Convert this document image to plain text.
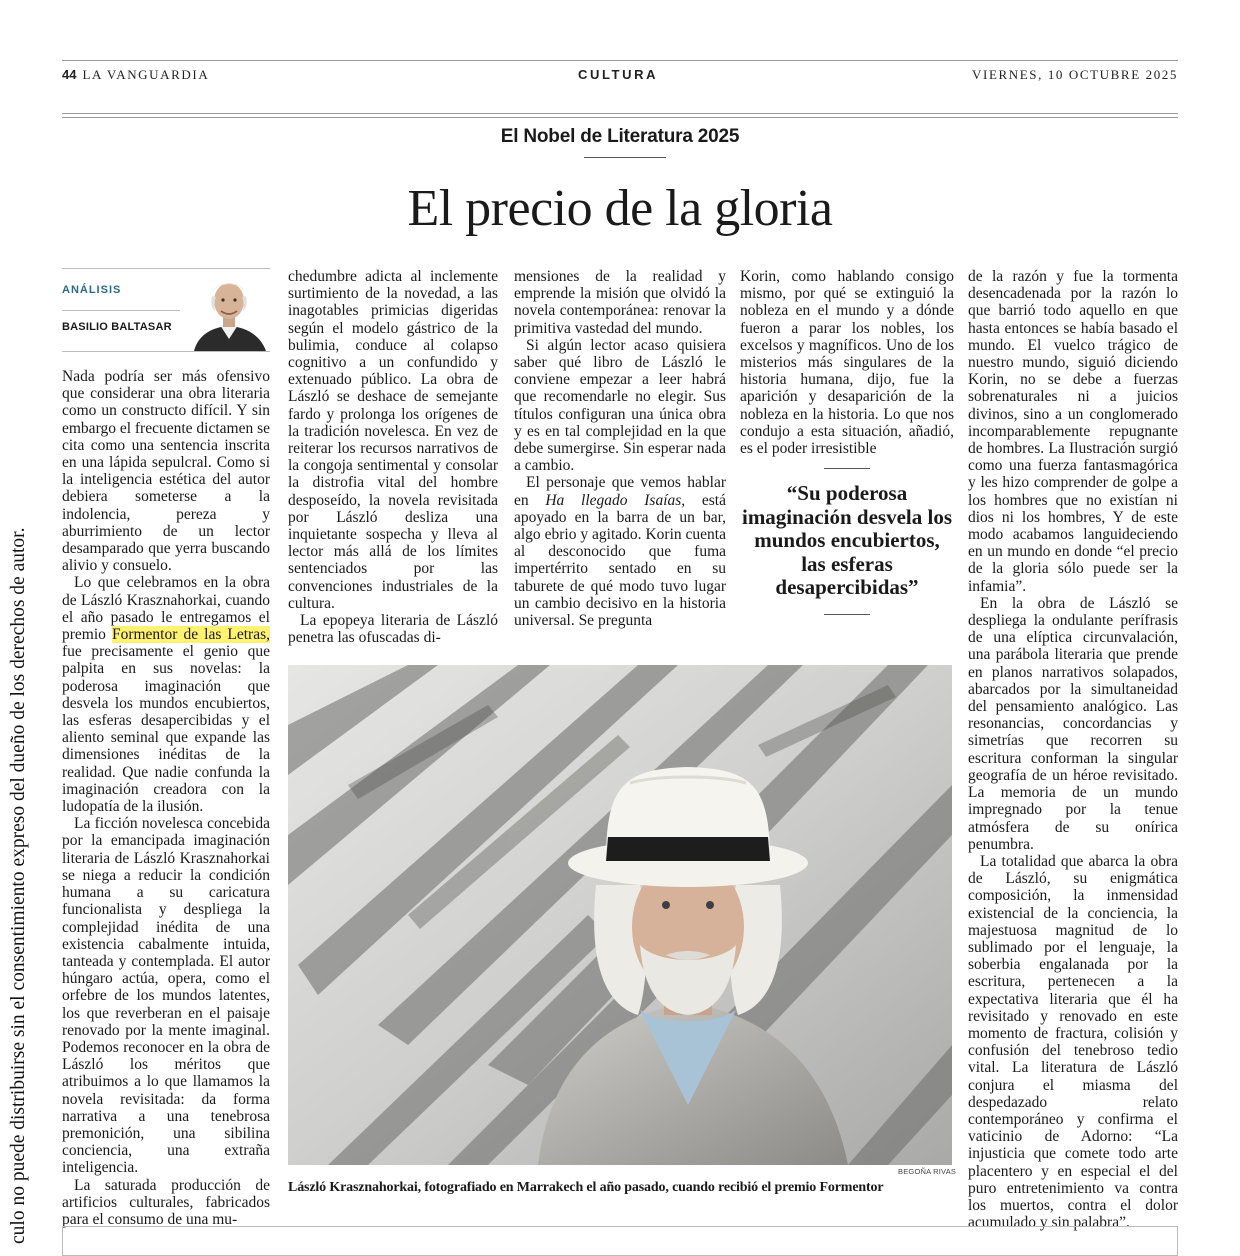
culo no puede distribuirse sin el consentimiento expreso del dueño de los derechos de autor.
44 LA VANGUARDIA	CULTURA	VIERNES, 10 OCTUBRE 2025
El Nobel de Literatura 2025
El precio de la gloria
ANÁLISIS
BASILIO BALTASAR

Nada podría ser más ofensivo que considerar una obra literaria como un constructo difícil. Y sin embargo el frecuente dictamen se cita como una sentencia inscrita en una lápida sepulcral. Como si la inteligencia estética del autor debiera someterse a la indolencia, pereza y aburrimiento de un lector desamparado que yerra buscando alivio y consuelo.

Lo que celebramos en la obra de László Krasznahorkai, cuando el año pasado le entregamos el premio Formentor de las Letras, fue precisamente el genio que palpita en sus novelas: la poderosa imaginación que desvela los mundos encubiertos, las esferas desapercibidas y el aliento seminal que expande las dimensiones inéditas de la realidad. Que nadie confunda la imaginación creadora con la ludopatía de la ilusión.

La ficción novelesca concebida por la emancipada imaginación literaria de László Krasznahorkai se niega a reducir la condición humana a su caricatura funcionalista y despliega la complejidad inédita de una existencia cabalmente intuida, tanteada y contemplada. El autor húngaro actúa, opera, como el orfebre de los mundos latentes, los que reverberan en el paisaje renovado por la mente imaginal. Podemos reconocer en la obra de László los méritos que atribuimos a lo que llamamos la novela revisitada: da forma narrativa a una tenebrosa premonición, una sibilina conciencia, una extraña inteligencia.

La saturada producción de artificios culturales, fabricados para el consumo de una mu-

chedumbre adicta al inclemente surtimiento de la novedad, a las inagotables primicias digeridas según el modelo gástrico de la bulimia, conduce al colapso cognitivo a un confundido y extenuado público. La obra de László se deshace de semejante fardo y prolonga los orígenes de la tradición novelesca. En vez de reiterar los recursos narrativos de la congoja sentimental y consolar la distrofia vital del hombre desposeído, la novela revisitada por László desliza una inquietante sospecha y lleva al lector más allá de los límites sentenciados por las convenciones industriales de la cultura.

La epopeya literaria de László penetra las ofuscadas di-

mensiones de la realidad y emprende la misión que olvidó la novela contemporánea: renovar la primitiva vastedad del mundo.

Si algún lector acaso quisiera saber qué libro de László le conviene empezar a leer habrá que recomendarle no elegir. Sus títulos configuran una única obra y es en tal complejidad en la que debe sumergirse. Sin esperar nada a cambio.

El personaje que vemos hablar en Ha llegado Isaías, está apoyado en la barra de un bar, algo ebrio y agitado. Korin cuenta al desconocido que fuma impertérrito sentado en su taburete de qué modo tuvo lugar un cambio decisivo en la historia universal. Se pregunta

Korin, como hablando consigo mismo, por qué se extinguió la nobleza en el mundo y a dónde fueron a parar los nobles, los excelsos y magníficos. Uno de los misterios más singulares de la historia humana, dijo, fue la aparición y desaparición de la nobleza en la historia. Lo que nos condujo a esta situación, añadió, es el poder irresistible

“Su poderosa imaginación desvela los mundos encubiertos, las esferas desapercibidas”

de la razón y fue la tormenta desencadenada por la razón lo que barrió todo aquello en que hasta entonces se había basado el mundo. El vuelco trágico de nuestro mundo, siguió diciendo Korin, no se debe a fuerzas sobrenaturales ni a juicios divinos, sino a un conglomerado incomparablemente repugnante de hombres. La Ilustración surgió como una fuerza fantasmagórica y les hizo comprender de golpe a los hombres que no existían ni dios ni los hombres, Y de este modo acabamos languideciendo en un mundo en donde “el precio de la gloria sólo puede ser la infamia”.

En la obra de László se despliega la ondulante perífrasis de una elíptica circunvalación, una parábola literaria que prende en planos narrativos solapados, abarcados por la simultaneidad del pensamiento analógico. Las resonancias, concordancias y simetrías que recorren su escritura conforman la singular geografía de un héroe revisitado. La memoria de un mundo impregnado por la tenue atmósfera de su onírica penumbra.

La totalidad que abarca la obra de László, su enigmática composición, la inmensidad existencial de la conciencia, la majestuosa magnitud de lo sublimado por el lenguaje, la soberbia engalanada por la escritura, pertenecen a la expectativa literaria que él ha revisitado y renovado en este momento de fractura, colisión y confusión del tenebroso tedio vital. La literatura de László conjura el miasma del despedazado relato contemporáneo y confirma el vaticinio de Adorno: “La injusticia que comete todo arte placentero y en especial el del puro entretenimiento va contra los muertos, contra el dolor acumulado y sin palabra”.

BEGOÑA RIVAS
László Krasznahorkai, fotografiado en Marrakech el año pasado, cuando recibió el premio Formentor
